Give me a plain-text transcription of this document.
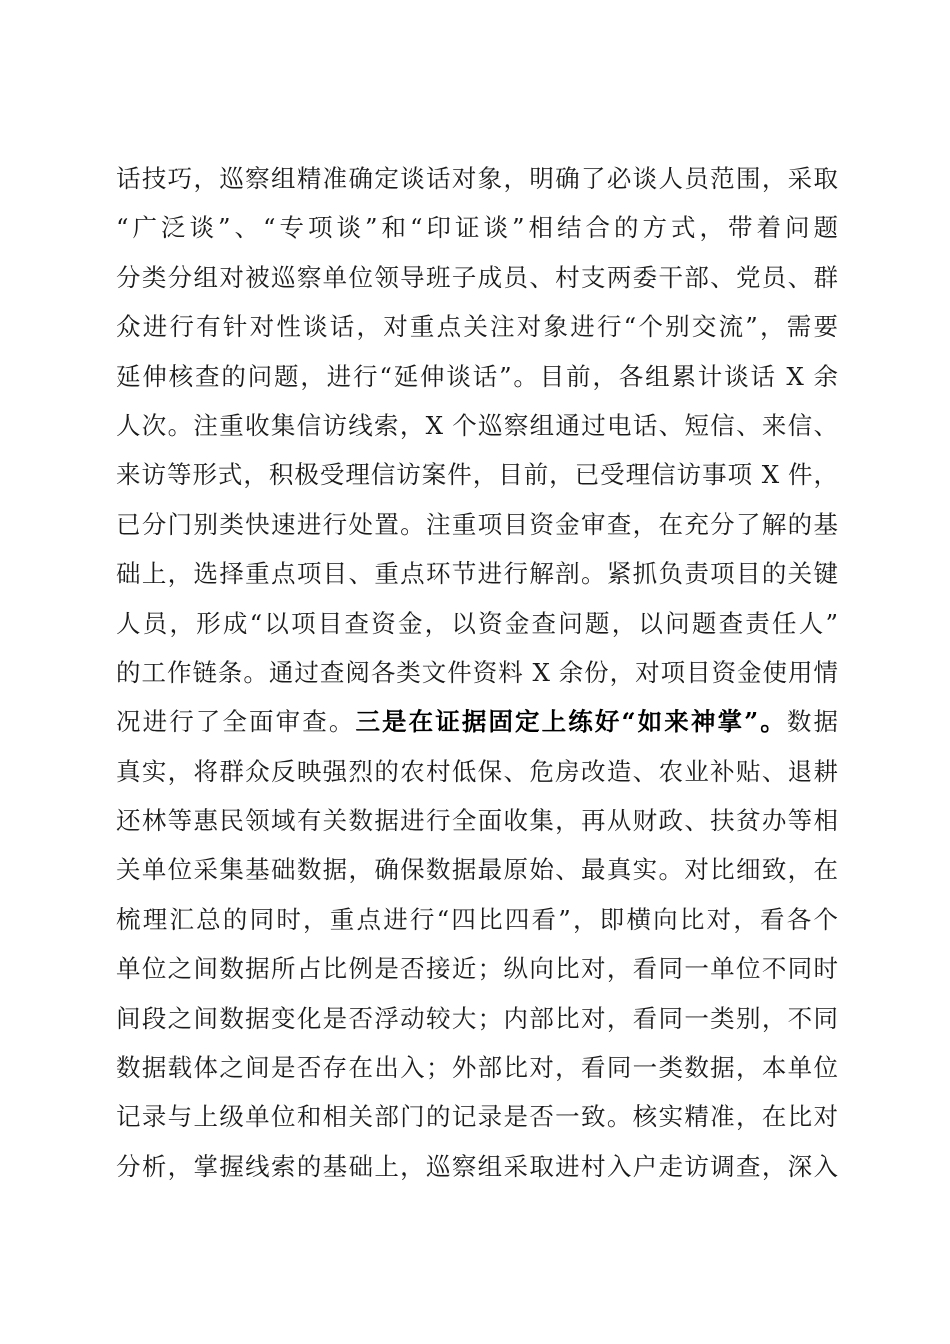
话技巧，巡察组精准确定谈话对象，明确了必谈人员范围，采取
“广泛谈”、“专项谈”和“印证谈”相结合的方式，带着问题
分类分组对被巡察单位领导班子成员、村支两委干部、党员、群
众进行有针对性谈话，对重点关注对象进行“个别交流”，需要
延伸核查的问题，进行“延伸谈话”。目前，各组累计谈话 X 余
人次。注重收集信访线索，X 个巡察组通过电话、短信、来信、
来访等形式，积极受理信访案件，目前，已受理信访事项 X 件，
已分门别类快速进行处置。注重项目资金审查，在充分了解的基
础上，选择重点项目、重点环节进行解剖。紧抓负责项目的关键
人员，形成“以项目查资金，以资金查问题，以问题查责任人”
的工作链条。通过查阅各类文件资料 X 余份，对项目资金使用情
况进行了全面审查。三是在证据固定上练好“如来神掌”。数据
真实，将群众反映强烈的农村低保、危房改造、农业补贴、退耕
还林等惠民领域有关数据进行全面收集，再从财政、扶贫办等相
关单位采集基础数据，确保数据最原始、最真实。对比细致，在
梳理汇总的同时，重点进行“四比四看”，即横向比对，看各个
单位之间数据所占比例是否接近；纵向比对，看同一单位不同时
间段之间数据变化是否浮动较大；内部比对，看同一类别，不同
数据载体之间是否存在出入；外部比对，看同一类数据，本单位
记录与上级单位和相关部门的记录是否一致。核实精准，在比对
分析，掌握线索的基础上，巡察组采取进村入户走访调查，深入
